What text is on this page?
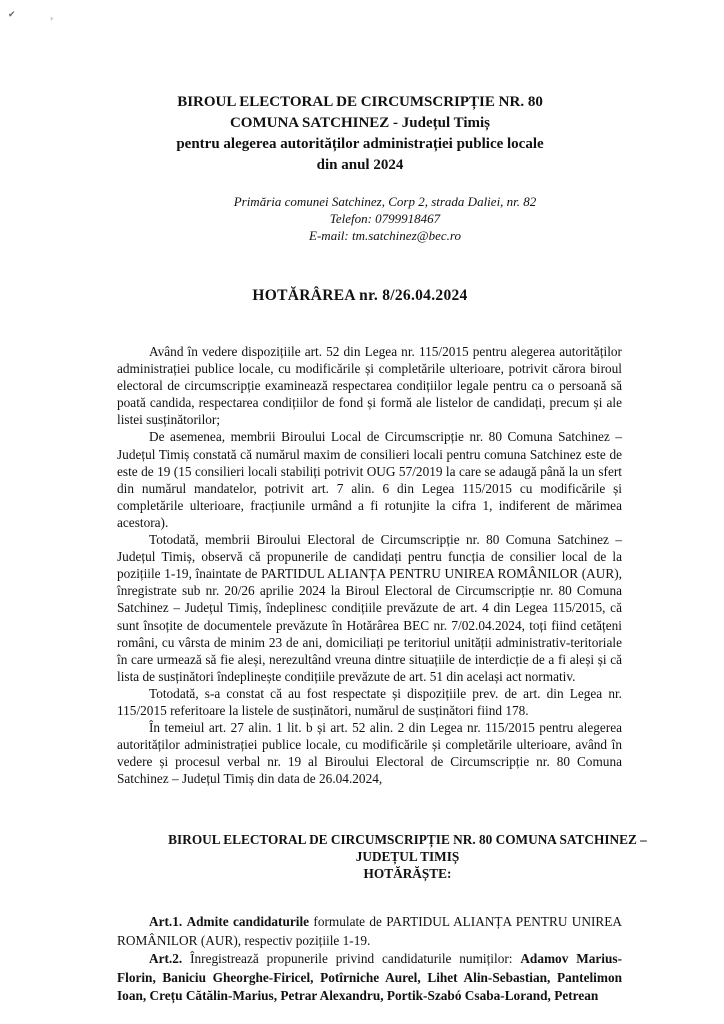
✔	›
BIROUL ELECTORAL DE CIRCUMSCRIPȚIE NR. 80
COMUNA SATCHINEZ - Județul Timiș
pentru alegerea autorităților administrației publice locale
din anul 2024
Primăria comunei Satchinez, Corp 2, strada Daliei, nr. 82
Telefon: 0799918467
E-mail: tm.satchinez@bec.ro
HOTĂRÂREA nr. 8/26.04.2024

Având în vedere dispozițiile art. 52 din Legea nr. 115/2015 pentru alegerea autorităților administrației publice locale, cu modificările și completările ulterioare, potrivit cărora biroul electoral de circumscripție examinează respectarea condițiilor legale pentru ca o persoană să poată candida, respectarea condițiilor de fond și formă ale listelor de candidați, precum și ale listei susținătorilor;

De asemenea, membrii Biroului Local de Circumscripție nr. 80 Comuna Satchinez – Județul Timiș constată că numărul maxim de consilieri locali pentru comuna Satchinez este de este de 19 (15 consilieri locali stabiliți potrivit OUG 57/2019 la care se adaugă până la un sfert din numărul mandatelor, potrivit art. 7 alin. 6 din Legea 115/2015 cu modificările și completările ulterioare, fracțiunile urmând a fi rotunjite la cifra 1, indiferent de mărimea acestora).

Totodată, membrii Biroului Electoral de Circumscripție nr. 80 Comuna Satchinez – Județul Timiș, observă că propunerile de candidați pentru funcția de consilier local de la pozițiile 1-19, înaintate de PARTIDUL ALIANȚA PENTRU UNIREA ROMÂNILOR (AUR), înregistrate sub nr. 20/26 aprilie 2024 la Biroul Electoral de Circumscripție nr. 80 Comuna Satchinez – Județul Timiș, îndeplinesc condițiile prevăzute de art. 4 din Legea 115/2015, că sunt însoțite de documentele prevăzute în Hotărârea BEC nr. 7/02.04.2024, toți fiind cetățeni români, cu vârsta de minim 23 de ani, domiciliați pe teritoriul unității administrativ-teritoriale în care urmează să fie aleși, nerezultând vreuna dintre situațiile de interdicție de a fi aleși și că lista de susținători îndeplinește condițiile prevăzute de art. 51 din același act normativ.

Totodată, s-a constat că au fost respectate și dispozițiile prev. de art. din Legea nr. 115/2015 referitoare la listele de susținători, numărul de susținători fiind 178.

În temeiul art. 27 alin. 1 lit. b și art. 52 alin. 2 din Legea nr. 115/2015 pentru alegerea autorităților administrației publice locale, cu modificările și completările ulterioare, având în vedere și procesul verbal nr. 19 al Biroului Electoral de Circumscripție nr. 80 Comuna Satchinez – Județul Timiș din data de 26.04.2024,

BIROUL ELECTORAL DE CIRCUMSCRIPȚIE NR. 80 COMUNA SATCHINEZ –
JUDEȚUL TIMIȘ
HOTĂRĂȘTE:

Art.1. Admite candidaturile formulate de PARTIDUL ALIANȚA PENTRU UNIREA ROMÂNILOR (AUR), respectiv pozițiile 1-19.

Art.2. Înregistrează propunerile privind candidaturile numiților: Adamov Marius-Florin, Baniciu Gheorghe-Firicel, Potîrniche Aurel, Lihet Alin-Sebastian, Pantelimon Ioan, Crețu Cătălin-Marius, Petrar Alexandru, Portik-Szabó Csaba-Lorand, Petrean
